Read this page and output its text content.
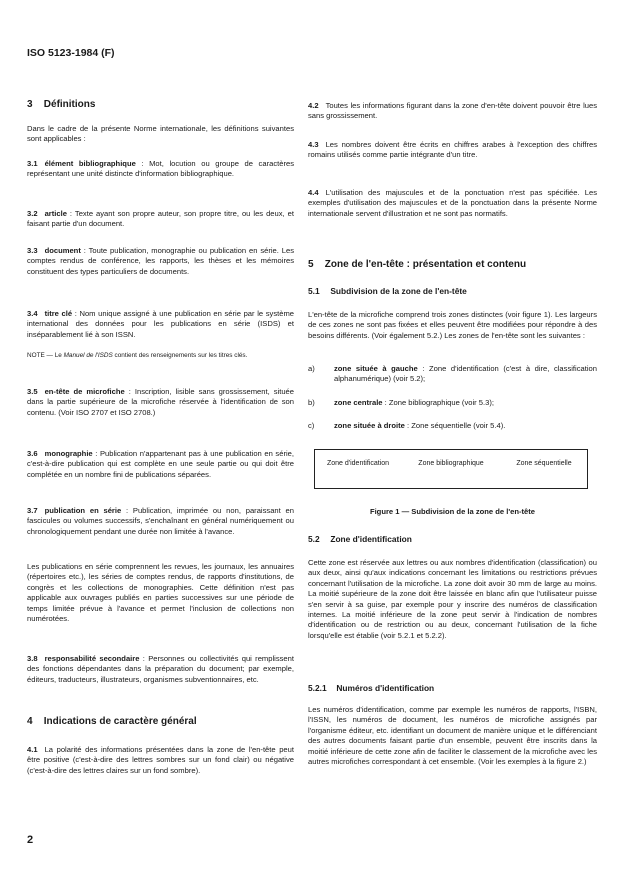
ISO 5123-1984 (F)
3 Définitions
Dans le cadre de la présente Norme internationale, les définitions suivantes sont applicables :
3.1 élément bibliographique : Mot, locution ou groupe de caractères représentant une unité distincte d'information bibliographique.
3.2 article : Texte ayant son propre auteur, son propre titre, ou les deux, et faisant partie d'un document.
3.3 document : Toute publication, monographie ou publication en série. Les comptes rendus de conférence, les rapports, les thèses et les mémoires constituent des types particuliers de documents.
3.4 titre clé : Nom unique assigné à une publication en série par le système international des données pour les publications en série (ISDS) et inséparablement lié à son ISSN.
NOTE — Le Manuel de l'ISDS contient des renseignements sur les titres clés.
3.5 en-tête de microfiche : Inscription, lisible sans grossissement, située dans la partie supérieure de la microfiche réservée à l'identification de son contenu. (Voir ISO 2707 et ISO 2708.)
3.6 monographie : Publication n'appartenant pas à une publication en série, c'est-à-dire publication qui est complète en une seule partie ou qui doit être complétée en un nombre fini de publications séparées.
3.7 publication en série : Publication, imprimée ou non, paraissant en fascicules ou volumes successifs, s'enchaînant en général numériquement ou chronologiquement pendant une durée non limitée à l'avance.
Les publications en série comprennent les revues, les journaux, les annuaires (répertoires etc.), les séries de comptes rendus, de rapports d'institutions, de congrès et les collections de monographies. Cette définition n'est pas applicable aux ouvrages publiés en parties successives sur une période de temps limitée prévue à l'avance et permet l'inclusion de collections non numérotées.
3.8 responsabilité secondaire : Personnes ou collectivités qui remplissent des fonctions dépendantes dans la préparation du document; par exemple, éditeurs, traducteurs, illustrateurs, organismes subventionnaires, etc.
4 Indications de caractère général
4.1 La polarité des informations présentées dans la zone de l'en-tête peut être positive (c'est-à-dire des lettres sombres sur un fond clair) ou négative (c'est-à-dire des lettres claires sur un fond sombre).
4.2 Toutes les informations figurant dans la zone d'en-tête doivent pouvoir être lues sans grossissement.
4.3 Les nombres doivent être écrits en chiffres arabes à l'exception des chiffres romains utilisés comme partie intégrante d'un titre.
4.4 L'utilisation des majuscules et de la ponctuation n'est pas spécifiée. Les exemples d'utilisation des majuscules et de la ponctuation dans la présente Norme internationale servent d'illustration et ne sont pas normatifs.
5 Zone de l'en-tête : présentation et contenu
5.1 Subdivision de la zone de l'en-tête
L'en-tête de la microfiche comprend trois zones distinctes (voir figure 1). Les largeurs de ces zones ne sont pas fixées et elles peuvent être modifiées pour répondre à des besoins différents. (Voir également 5.2.) Les zones de l'en-tête sont les suivantes :
a)	zone située à gauche : Zone d'identification (c'est à dire, classification alphanumérique) (voir 5.2);
b)	zone centrale : Zone bibliographique (voir 5.3);
c)	zone située à droite : Zone séquentielle (voir 5.4).
Zone d'identification	Zone bibliographique	Zone séquentielle
Figure 1 — Subdivision de la zone de l'en-tête
5.2 Zone d'identification
Cette zone est réservée aux lettres ou aux nombres d'identification (classification) ou aux deux, ainsi qu'aux indications concernant les limitations ou restrictions prévues concernant l'utilisation de la microfiche. La zone doit avoir 30 mm de large au moins. La moitié supérieure de la zone doit être laissée en blanc afin que l'utilisateur puisse s'en servir à sa guise, par exemple pour y inscrire des numéros de classification internes. La moitié inférieure de la zone peut servir à l'indication de nombres d'identification ou de restriction ou au deux, concernant l'utilisation de la fiche lorsqu'elle est établie (voir 5.2.1 et 5.2.2).
5.2.1 Numéros d'identification
Les numéros d'identification, comme par exemple les numéros de rapports, l'ISBN, l'ISSN, les numéros de document, les numéros de microfiche assignés par l'organisme éditeur, etc. identifiant un document de manière unique et le différenciant des autres documents faisant partie d'un ensemble, peuvent être inscrits dans la moitié inférieure de cette zone afin de faciliter le classement de la microfiche avec les autres microfiches correspondant à cet ensemble. (Voir les exemples à la figure 2.)
2
